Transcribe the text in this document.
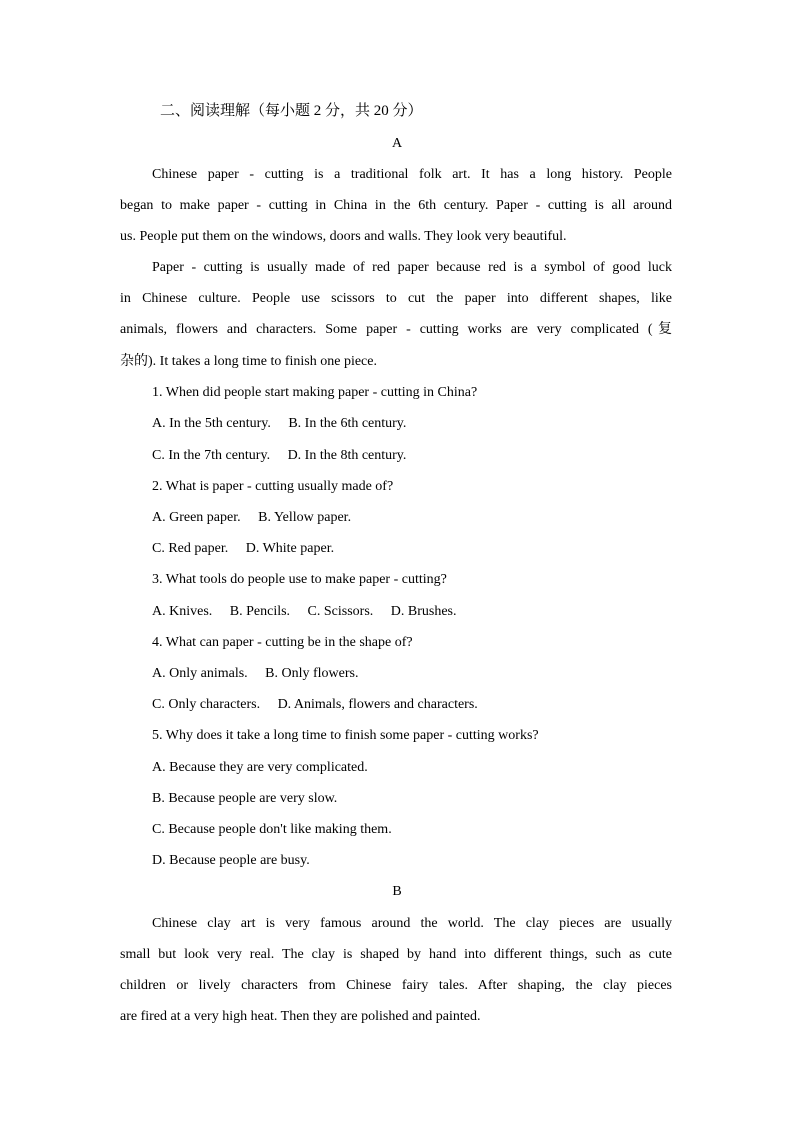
二、阅读理解（每小题 2 分，共 20 分）
A
Chinese paper - cutting is a traditional folk art. It has a long history. People
began to make paper - cutting in China in the 6th century. Paper - cutting is all around
us. People put them on the windows, doors and walls. They look very beautiful.
Paper - cutting is usually made of red paper because red is a symbol of good luck
in Chinese culture. People use scissors to cut the paper into different shapes, like
animals, flowers and characters. Some paper - cutting works are very complicated (复
杂的). It takes a long time to finish one piece.
1. When did people start making paper - cutting in China?
A. In the 5th century.     B. In the 6th century.
C. In the 7th century.     D. In the 8th century.
2. What is paper - cutting usually made of?
A. Green paper.     B. Yellow paper.
C. Red paper.     D. White paper.
3. What tools do people use to make paper - cutting?
A. Knives.     B. Pencils.     C. Scissors.     D. Brushes.
4. What can paper - cutting be in the shape of?
A. Only animals.     B. Only flowers.
C. Only characters.     D. Animals, flowers and characters.
5. Why does it take a long time to finish some paper - cutting works?
A. Because they are very complicated.
B. Because people are very slow.
C. Because people don't like making them.
D. Because people are busy.
B
Chinese clay art is very famous around the world. The clay pieces are usually
small but look very real. The clay is shaped by hand into different things, such as cute
children or lively characters from Chinese fairy tales. After shaping, the clay pieces
are fired at a very high heat. Then they are polished and painted.
